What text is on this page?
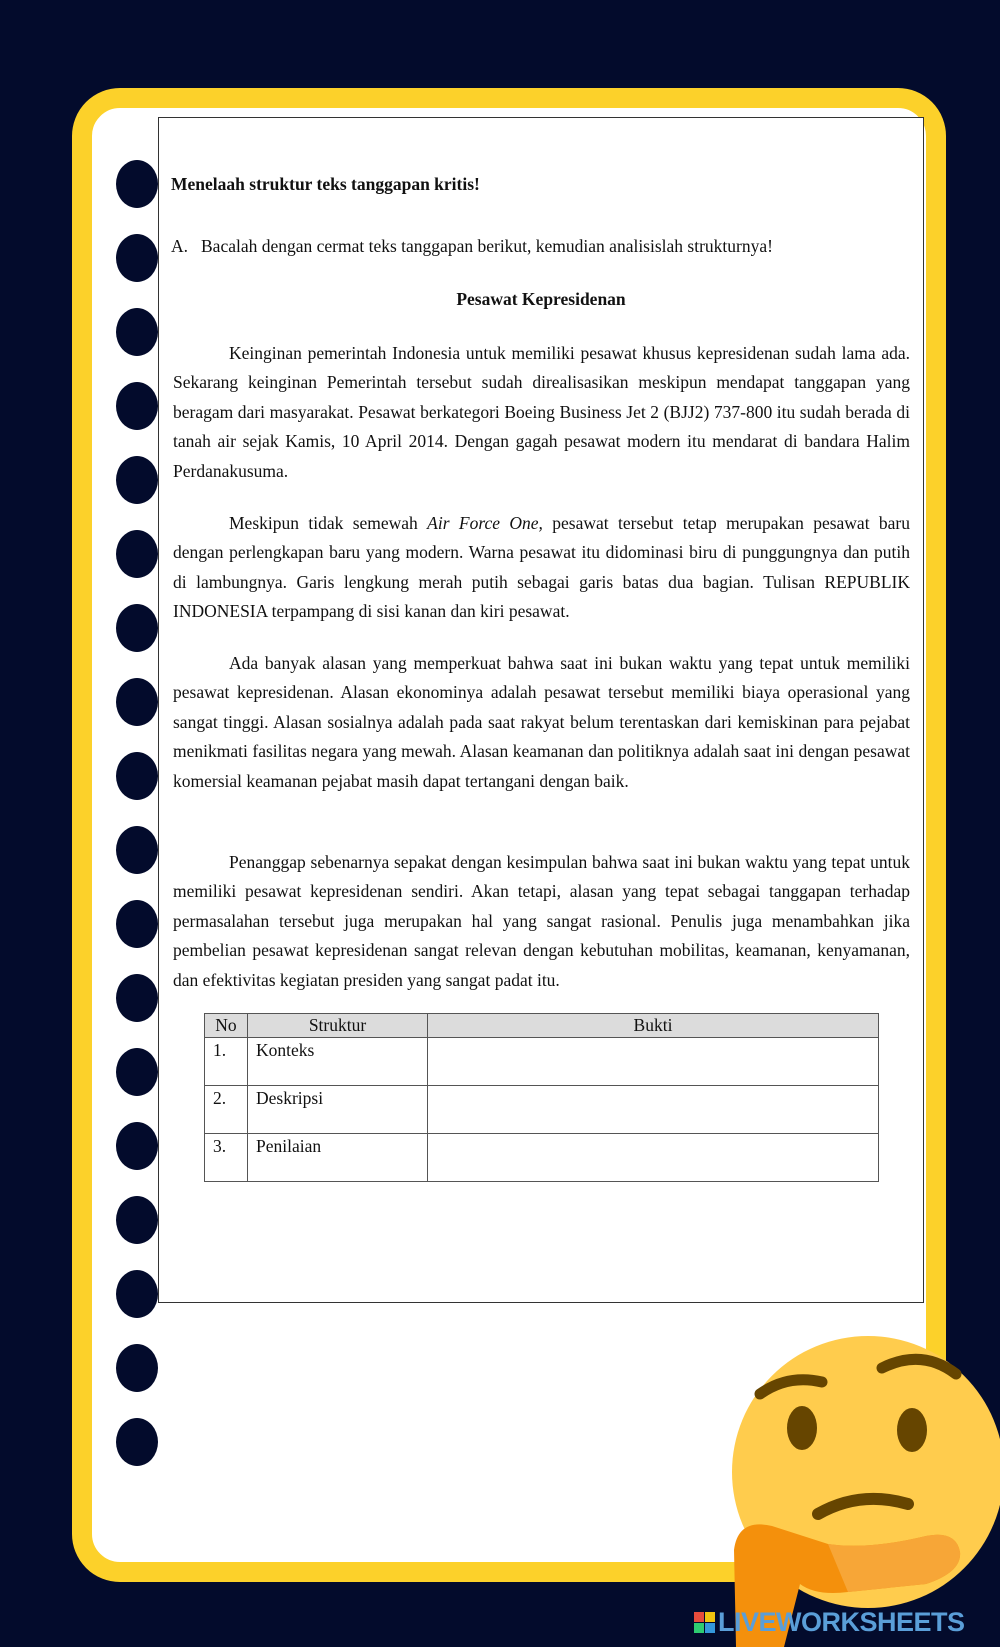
Menelaah struktur teks tanggapan kritis!
A. Bacalah dengan cermat teks tanggapan berikut, kemudian analisislah strukturnya!
Pesawat Kepresidenan

Keinginan pemerintah Indonesia untuk memiliki pesawat khusus kepresidenan sudah lama ada. Sekarang keinginan Pemerintah tersebut sudah direalisasikan meskipun mendapat tanggapan yang beragam dari masyarakat. Pesawat berkategori Boeing Business Jet 2 (BJJ2) 737-800 itu sudah berada di tanah air sejak Kamis, 10 April 2014. Dengan gagah pesawat modern itu mendarat di bandara Halim Perdanakusuma.

Meskipun tidak semewah Air Force One, pesawat tersebut tetap merupakan pesawat baru dengan perlengkapan baru yang modern. Warna pesawat itu didominasi biru di punggungnya dan putih di lambungnya. Garis lengkung merah putih sebagai garis batas dua bagian. Tulisan REPUBLIK INDONESIA terpampang di sisi kanan dan kiri pesawat.

Ada banyak alasan yang memperkuat bahwa saat ini bukan waktu yang tepat untuk memiliki pesawat kepresidenan. Alasan ekonominya adalah pesawat tersebut memiliki biaya operasional yang sangat tinggi. Alasan sosialnya adalah pada saat rakyat belum terentaskan dari kemiskinan para pejabat menikmati fasilitas negara yang mewah. Alasan keamanan dan politiknya adalah saat ini dengan pesawat komersial keamanan pejabat masih dapat tertangani dengan baik.

Penanggap sebenarnya sepakat dengan kesimpulan bahwa saat ini bukan waktu yang tepat untuk memiliki pesawat kepresidenan sendiri. Akan tetapi, alasan yang tepat sebagai tanggapan terhadap permasalahan tersebut juga merupakan hal yang sangat rasional. Penulis juga menambahkan jika pembelian pesawat kepresidenan sangat relevan dengan kebutuhan mobilitas, keamanan, kenyamanan, dan efektivitas kegiatan presiden yang sangat padat itu.

No	Struktur	Bukti
1.	Konteks	
2.	Deskripsi	
3.	Penilaian	
LIVEWORKSHEETS
